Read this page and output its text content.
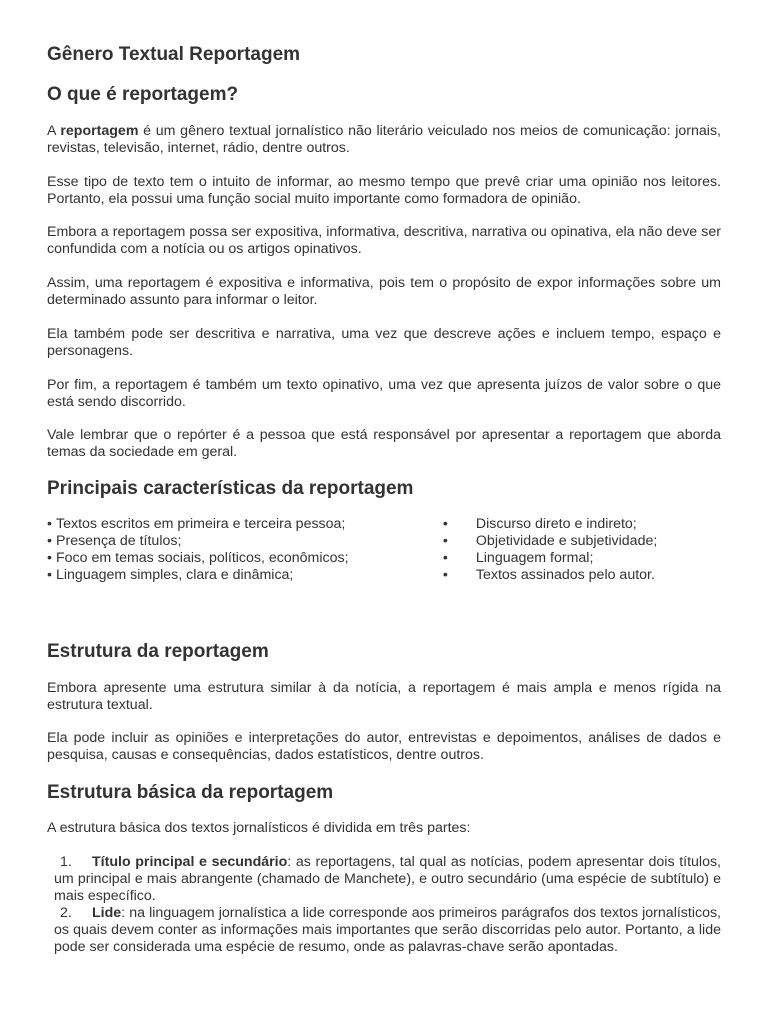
Gênero Textual Reportagem
O que é reportagem?

A reportagem é um gênero textual jornalístico não literário veiculado nos meios de comunicação: jornais, revistas, televisão, internet, rádio, dentre outros.

Esse tipo de texto tem o intuito de informar, ao mesmo tempo que prevê criar uma opinião nos leitores. Portanto, ela possui uma função social muito importante como formadora de opinião.

Embora a reportagem possa ser expositiva, informativa, descritiva, narrativa ou opinativa, ela não deve ser confundida com a notícia ou os artigos opinativos.

Assim, uma reportagem é expositiva e informativa, pois tem o propósito de expor informações sobre um determinado assunto para informar o leitor.

Ela também pode ser descritiva e narrativa, uma vez que descreve ações e incluem tempo, espaço e personagens.

Por fim, a reportagem é também um texto opinativo, uma vez que apresenta juízos de valor sobre o que está sendo discorrido.

Vale lembrar que o repórter é a pessoa que está responsável por apresentar a reportagem que aborda temas da sociedade em geral.

Principais características da reportagem
• Textos escritos em primeira e terceira pessoa;
• Presença de títulos;
• Foco em temas sociais, políticos, econômicos;
• Linguagem simples, clara e dinâmica;
•	Discurso direto e indireto;
•	Objetividade e subjetividade;
•	Linguagem formal;
•	Textos assinados pelo autor.
Estrutura da reportagem

Embora apresente uma estrutura similar à da notícia, a reportagem é mais ampla e menos rígida na estrutura textual.

Ela pode incluir as opiniões e interpretações do autor, entrevistas e depoimentos, análises de dados e pesquisa, causas e consequências, dados estatísticos, dentre outros.

Estrutura básica da reportagem

A estrutura básica dos textos jornalísticos é dividida em três partes:

1. Título principal e secundário: as reportagens, tal qual as notícias, podem apresentar dois títulos, um principal e mais abrangente (chamado de Manchete), e outro secundário (uma espécie de subtítulo) e mais específico.
2. Lide: na linguagem jornalística a lide corresponde aos primeiros parágrafos dos textos jornalísticos, os quais devem conter as informações mais importantes que serão discorridas pelo autor. Portanto, a lide pode ser considerada uma espécie de resumo, onde as palavras-chave serão apontadas.
